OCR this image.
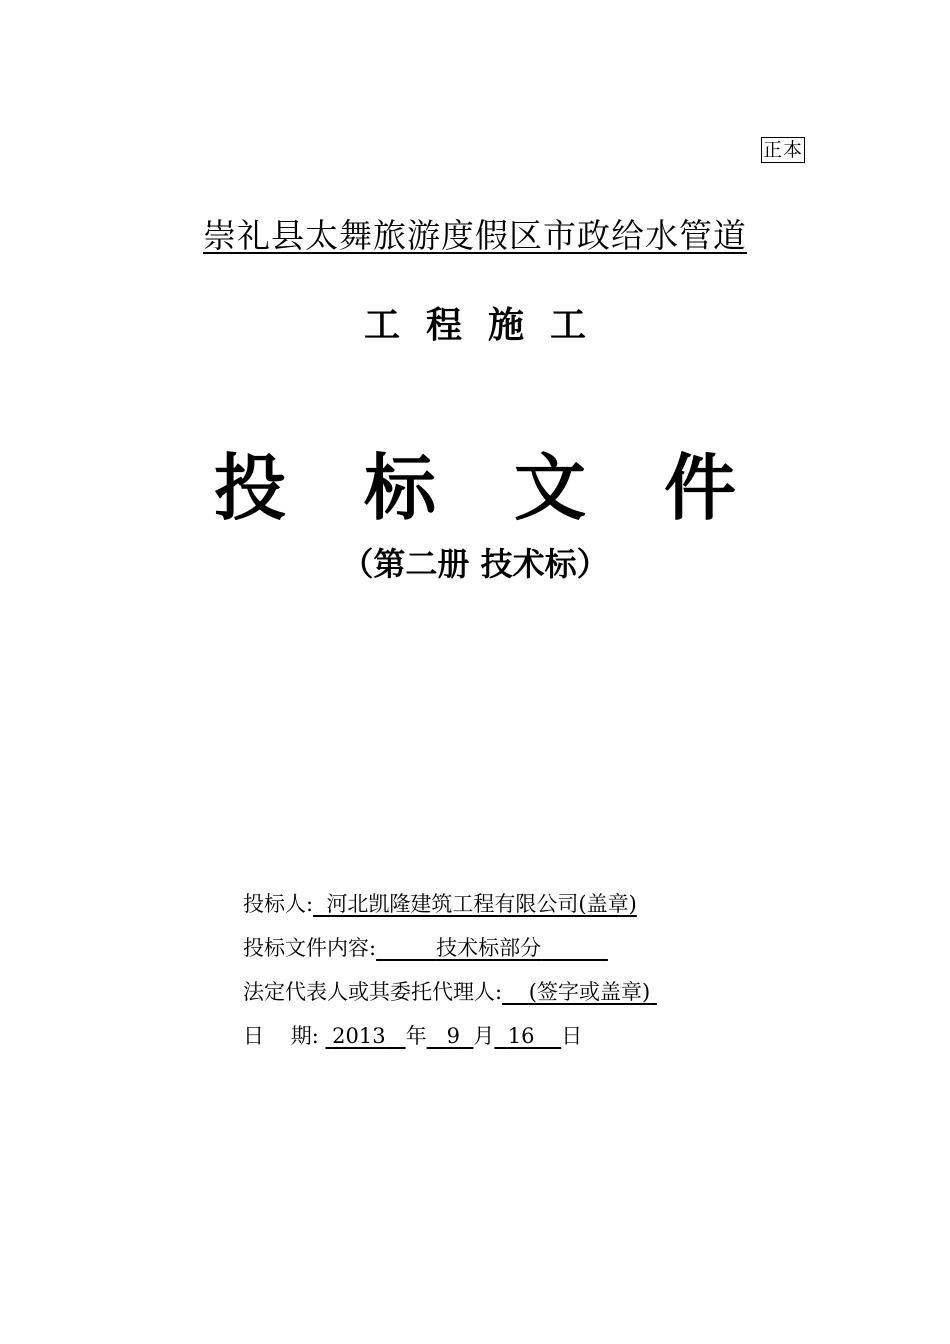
正本
崇礼县太舞旅游度假区市政给水管道
工程施工
投标文件
（第二册 技术标）
投标人: 河北凯隆建筑工程有限公司(盖章)
投标文件内容:	技术标部分
法定代表人或其委托代理人: (签字或盖章)
日    期: 2013 年 9 月 16 日
